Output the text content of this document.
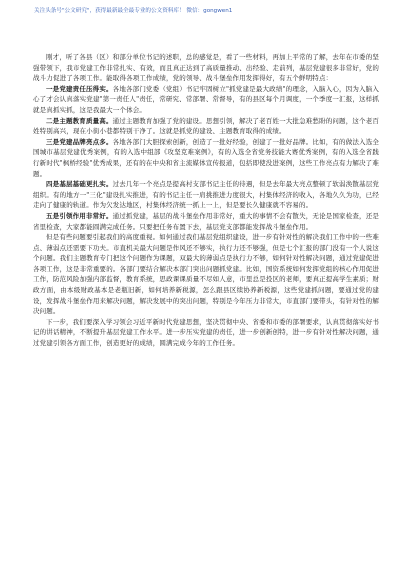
关注头条号"公文研究"，获得最新最全最专业的公文资料库！ 微信：gongwen1

刚才，听了各县（区）和部分单位书记的述职，总的感觉是，看了一些材料，再加上平常的了解，去年在市委的坚强带领下，我市党建工作非常扎实、有效，而且真正达到了高质量推动、出经验、走前列，基层党建很多非常好，党的战斗力促进了各项工作。能取得各项工作成绩，党的领导、战斗堡垒作用发挥得好，有五个鲜明特点：

一是党建责任压得实。各地各部门党委（党组）书记牢固树立"抓党建是最大政绩"的理念，入脑入心，因为入脑入心了才会认真落实党建"第一责任人"责任，常研究、常部署、常督导，有的县区每个月调度，一个季度一汇报，这样抓就是真抓实抓，这是我最大一个体会。

二是主题教育质量高。通过主题教育加强了党的建设。思想引领，解决了老百姓一大批急难愁盼的问题，这个老百姓特别高兴，现在小街小巷都特别干净了。这就是抓党的建设、主题教育取得的成绩。

三是党建品牌亮点多。各地各部门大胆探索创新，创造了一批好经验，创建了一批好品牌。比如，有的做法入选全国城市基层党建优秀案例，有的入选中组部《攻坚克难案例》，有的入选全省党务技能大赛优秀案例，有的入选全省践行新时代"枫桥经验"优秀成果，还有的在中央和省主流媒体宣传报道，包括即使没进案例，这些工作亮点有力解决了难题。

四是基层基础更扎实。过去几年一个亮点是提高村支部书记主任的待遇，但是去年最大亮点整顿了软弱涣散基层党组织。有的地方一"三化"建设扎实推进，有的书记主任一肩挑推进力度很大，村集体经济的收入，各地久久为功，已经走向了健康的轨道。作为欠发达地区，村集体经济统一抓上一上，但是要长久健康就不容易的。

五是引领作用非常好。通过抓党建，基层的战斗堡垒作用非常好，重大的事情不会有散失，无论是国家检查，还是省里检查，大家都能圆满完成任务。只要把任务布置下去，基层党支部都能发挥战斗堡垒作用。

但是有些问题要引起我们的高度重视。如何通过我们基层党组织建设，进一步有针对性的解决我们工作中的一些难点、薄弱点还需要下功夫。市直机关最大问题是作风还不够实，执行力还不够强，但是七个汇报的部门没有一个人说这个问题。我们主题教育专门把这个问题作为课题，双最大的薄弱点是执行力不够，如何针对性解决问题，通过党建促进各项工作，这是非常重要的。各部门要结合解决本部门突出问题抓党建。比如，国资系统如何发挥党组的核心作用促进工作，防范风险加强内部监督，教育系统，思政课课质量不尽如人意，市里总是投区的老师，要真正提高学生素质；财政方面，由本级财政基本是老瓶旧新，如何培养新税源，怎么跟县区续协养新税源，这些党建抓问题，要通过党的建设，发挥战斗堡垒作用来解决问题，解决发展中的突出问题，特别是今年压力非常大，市直部门要带头，有针对性的解决问题。

下一步，我们要深入学习领会习近平新时代党建思想，坚决贯彻中央、省委和市委的部署要求，认真贯彻落实好书记的讲话精神，不断提升基层党建工作水平。进一步压实党建的责任，进一步创新创特，进一步有针对性解决问题，通过党建引领各方面工作，创造更好的成绩，圆满完成今年的工作任务。
